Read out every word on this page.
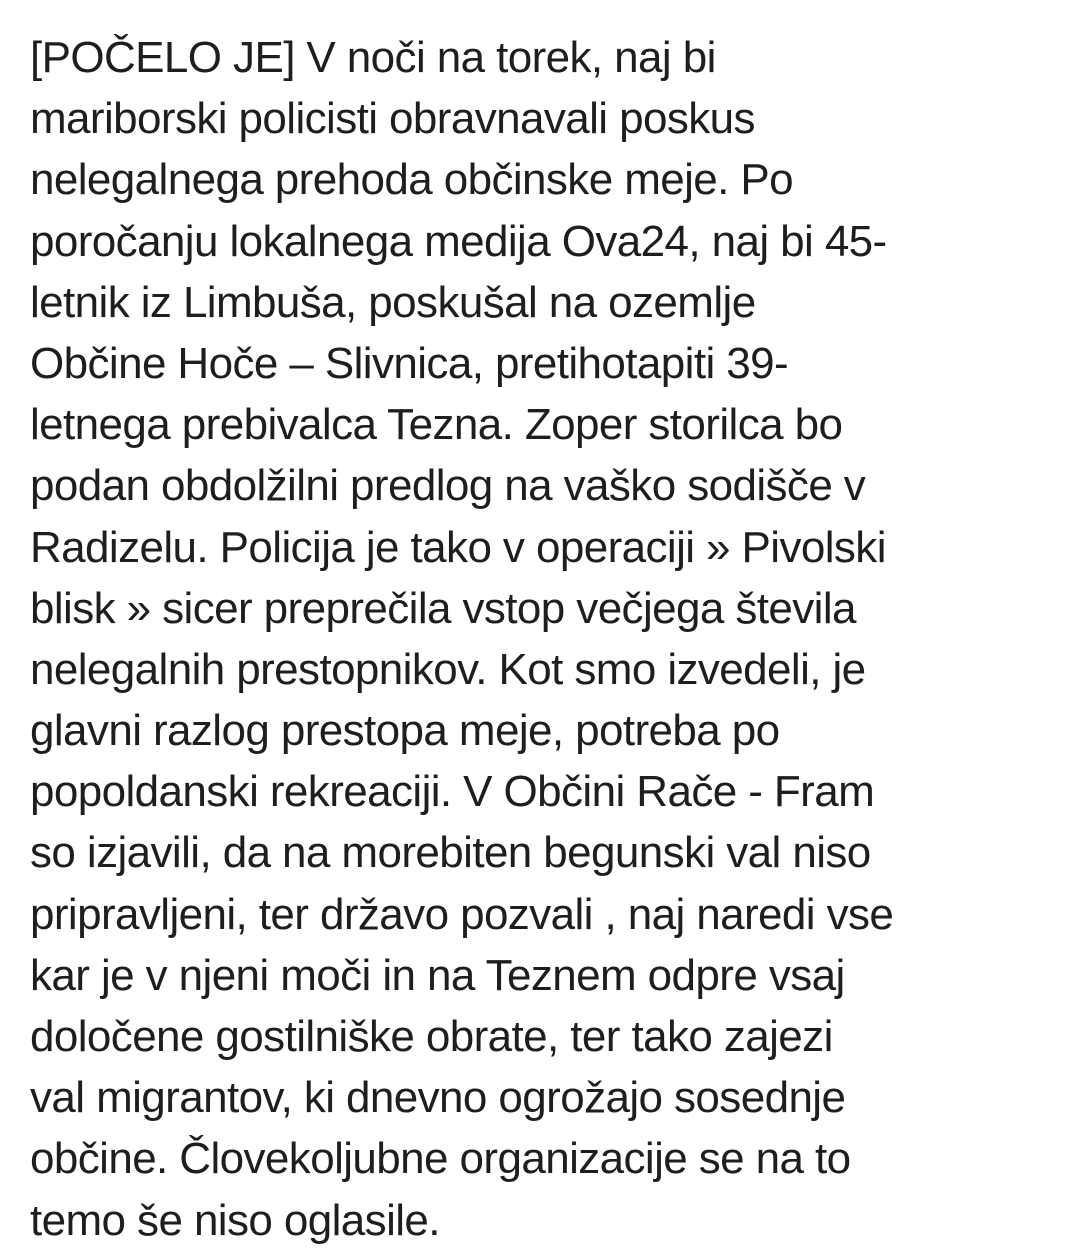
[POČELO JE] V noči na torek, naj bi
mariborski policisti obravnavali poskus
nelegalnega prehoda občinske meje. Po
poročanju lokalnega medija Ova24, naj bi 45-
letnik iz Limbuša, poskušal na ozemlje
Občine Hoče – Slivnica, pretihotapiti 39-
letnega prebivalca Tezna. Zoper storilca bo
podan obdolžilni predlog na vaško sodišče v
Radizelu. Policija je tako v operaciji » Pivolski
blisk » sicer preprečila vstop večjega števila
nelegalnih prestopnikov. Kot smo izvedeli, je
glavni razlog prestopa meje, potreba po
popoldanski rekreaciji. V Občini Rače - Fram
so izjavili, da na morebiten begunski val niso
pripravljeni, ter državo pozvali , naj naredi vse
kar je v njeni moči in na Teznem odpre vsaj
določene gostilniške obrate, ter tako zajezi
val migrantov, ki dnevno ogrožajo sosednje
občine. Človekoljubne organizacije se na to
temo še niso oglasile.
